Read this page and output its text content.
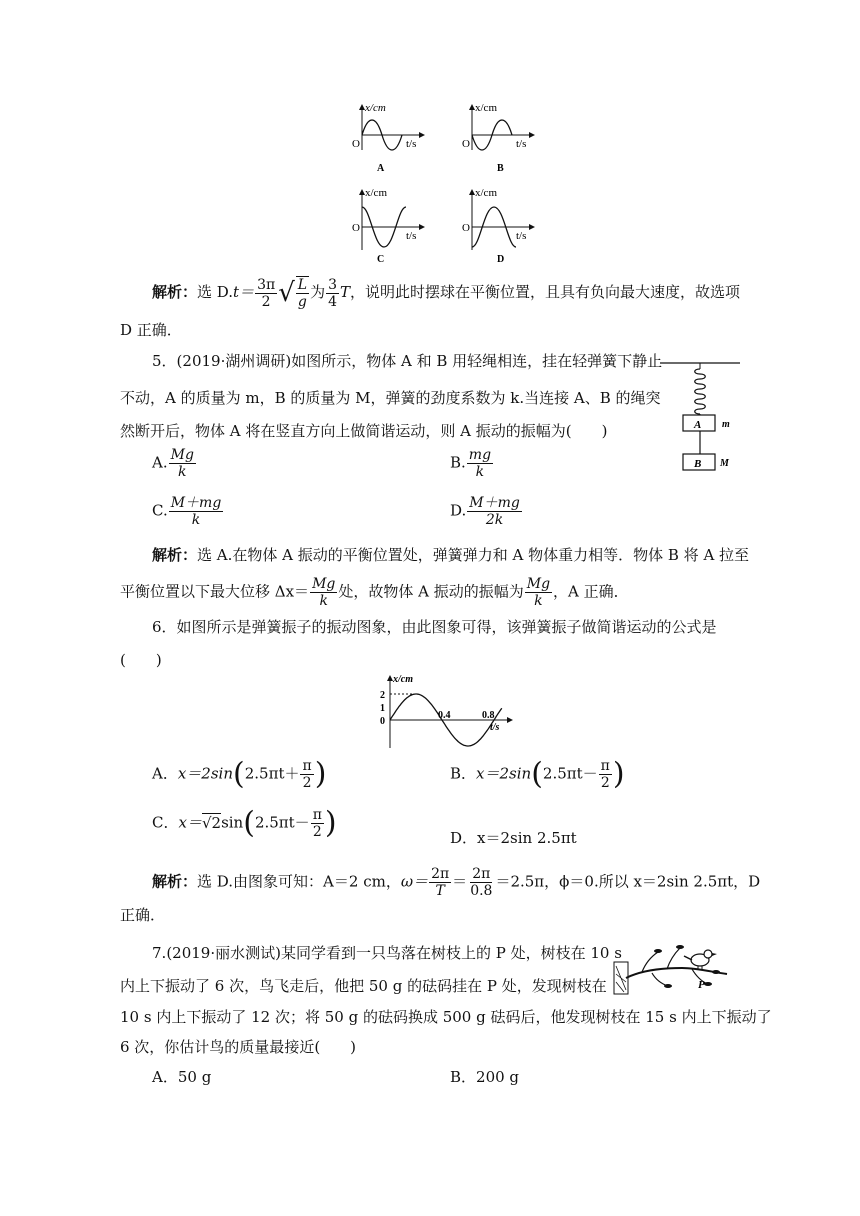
x/cm
t/s
O
A
x/cm
t/s
O
B
x/cm
t/s
O
C
x/cm
t/s
O
D
解析：选 $D.t= \frac{3\pi}{2}$ √ $\frac{L}{g}$ 为 $\frac{3}{4}$ T，说明此时摆球在平衡位置，且具有负向最大速度，故选项
D 正确．
5．(2019·湖州调研)如图所示，物体 A 和 B 用轻绳相连，挂在轻弹簧下静止
不动，A 的质量为 m，B 的质量为 M，弹簧的劲度系数为 k.当连接 A、B 的绳突
然断开后，物体 A 将在竖直方向上做简谐运动，则 A 振动的振幅为(　　)	A m
B M
A. $\frac{Mg}{k}$	B. $\frac{mg}{k}$
C. $\frac{M+mg}{k}$	D. $\frac{M+mg}{2k}$
解析：选 A.在物体 A 振动的平衡位置处，弹簧弹力和 A 物体重力相等．物体 B 将 A 拉至
平衡位置以下最大位移 $\Delta x= \frac{Mg}{k}$ 处，故物体 A 振动的振幅为 $\frac{Mg}{k}$ ，A 正确．
6．如图所示是弹簧振子的振动图象，由此图象可得，该弹簧振子做简谐运动的公式是
(　　)
x/cm
t/s
2
1
0
0.4	0.8
A．$x=2\sin(2.5\pi t+ \frac{\pi}{2}$ )	B．$x=2\sin(2.5\pi t- \frac{\pi}{2}$ )
C．$x=√2\sin(2.5\pi t- \frac{\pi}{2}$ )	D．x＝2sin 2.5πt
解析：选 D.由图象可知：A＝2 cm，$\omega= \frac{2\pi}{T} = \frac{2\pi}{0.8} =2.5\pi$，ϕ＝0.所以 x＝2sin 2.5πt，D
正确．
7.(2019·丽水测试)某同学看到一只鸟落在树枝上的 P 处，树枝在 10 s
内上下振动了 6 次，鸟飞走后，他把 50 g 的砝码挂在 P 处，发现树枝在
10 s 内上下振动了 12 次；将 50 g 的砝码换成 500 g 砝码后，他发现树枝在 15 s 内上下振动了
6 次，你估计鸟的质量最接近(　　)
P
A．50 g	B．200 g
